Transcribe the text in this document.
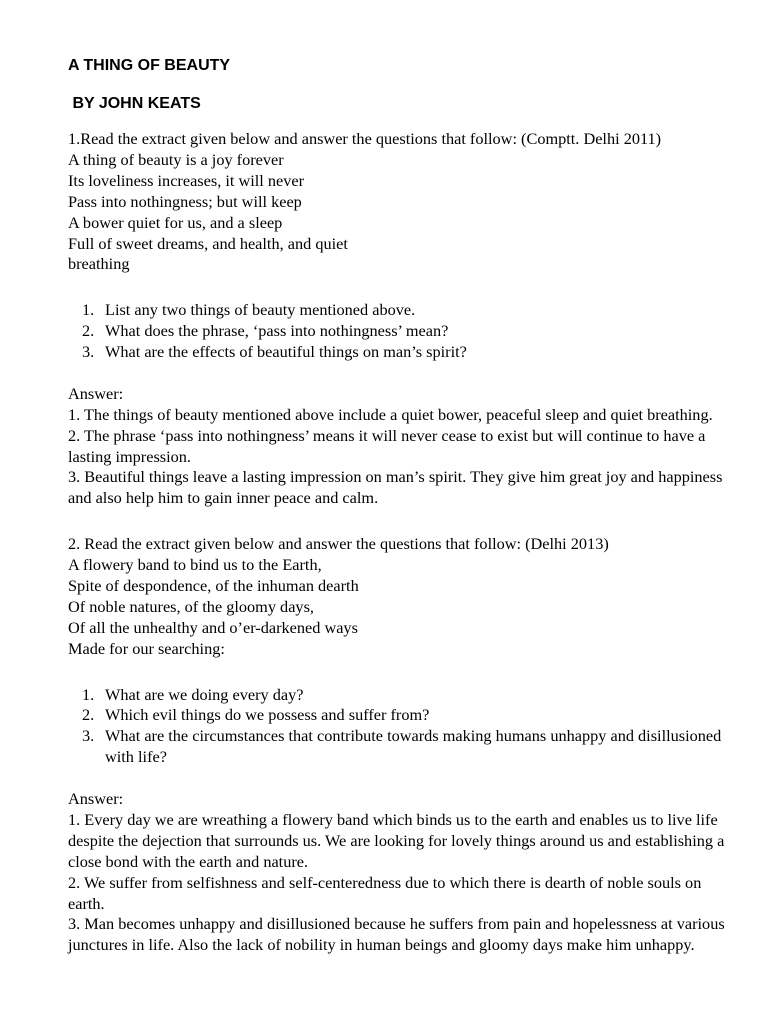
A THING OF BEAUTY
BY JOHN KEATS
1.Read the extract given below and answer the questions that follow: (Comptt. Delhi 2011)
A thing of beauty is a joy forever
Its loveliness increases, it will never
Pass into nothingness; but will keep
A bower quiet for us, and a sleep
Full of sweet dreams, and health, and quiet
breathing
1. List any two things of beauty mentioned above.
2. What does the phrase, ‘pass into nothingness’ mean?
3. What are the effects of beautiful things on man’s spirit?
Answer:
1. The things of beauty mentioned above include a quiet bower, peaceful sleep and quiet breathing.
2. The phrase ‘pass into nothingness’ means it will never cease to exist but will continue to have a lasting impression.
3. Beautiful things leave a lasting impression on man’s spirit. They give him great joy and happiness and also help him to gain inner peace and calm.
2. Read the extract given below and answer the questions that follow: (Delhi 2013)
A flowery band to bind us to the Earth,
Spite of despondence, of the inhuman dearth
Of noble natures, of the gloomy days,
Of all the unhealthy and o’er-darkened ways
Made for our searching:
1. What are we doing every day?
2. Which evil things do we possess and suffer from?
3. What are the circumstances that contribute towards making humans unhappy and disillusioned with life?
Answer:
1. Every day we are wreathing a flowery band which binds us to the earth and enables us to live life despite the dejection that surrounds us. We are looking for lovely things around us and establishing a close bond with the earth and nature.
2. We suffer from selfishness and self-centeredness due to which there is dearth of noble souls on earth.
3. Man becomes unhappy and disillusioned because he suffers from pain and hopelessness at various junctures in life. Also the lack of nobility in human beings and gloomy days make him unhappy.
